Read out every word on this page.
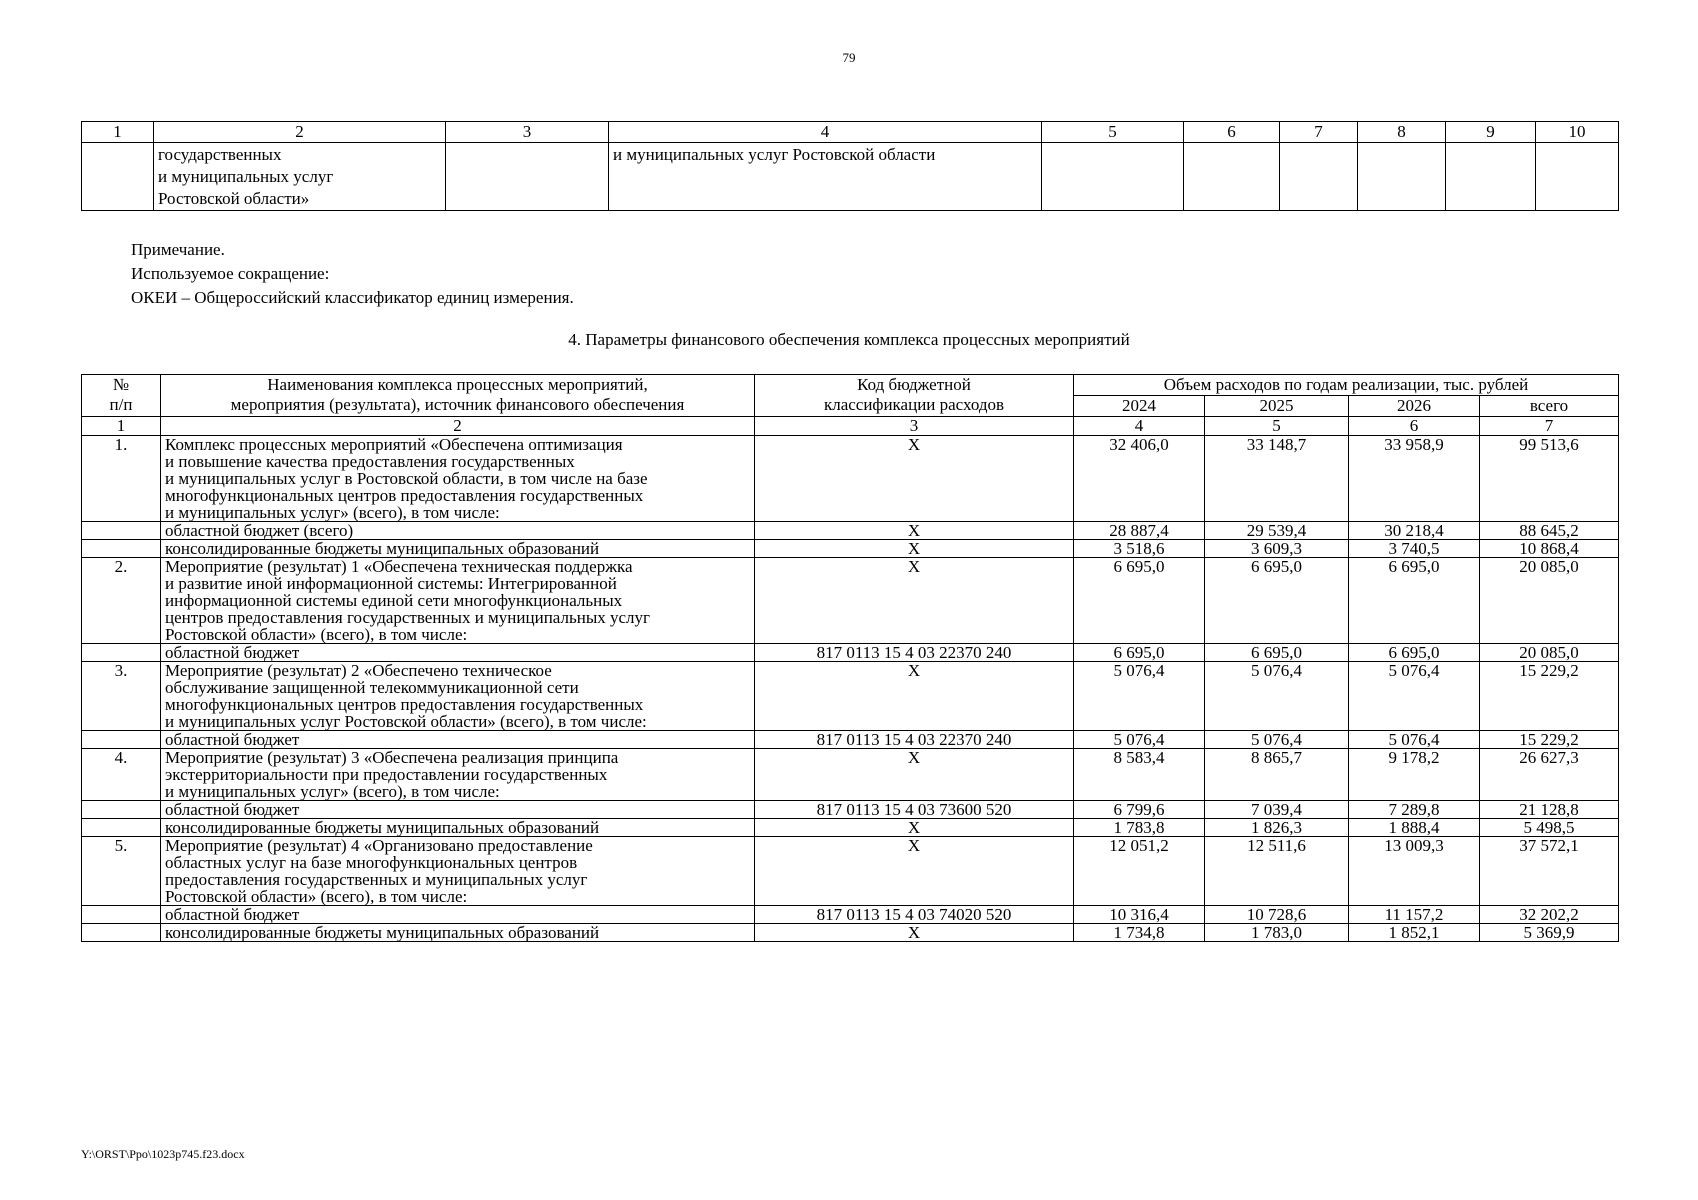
79
1	2	3	4	5	6	7	8	9	10
	государственных
и муниципальных услуг
Ростовской области»		и муниципальных услуг Ростовской области						
Примечание.
Используемое сокращение:
ОКЕИ – Общероссийский классификатор единиц измерения.
4. Параметры финансового обеспечения комплекса процессных мероприятий
№
п/п	Наименования комплекса процессных мероприятий,
мероприятия (результата), источник финансового обеспечения	Код бюджетной
классификации расходов	Объем расходов по годам реализации, тыс. рублей			
			2024	2025	2026	всего
1	2	3	4	5	6	7
1.	Комплекс процессных мероприятий «Обеспечена оптимизация
и повышение качества предоставления государственных
и муниципальных услуг в Ростовской области, в том числе на базе
многофункциональных центров предоставления государственных
и муниципальных услуг» (всего), в том числе:	Х	32 406,0	33 148,7	33 958,9	99 513,6
	областной бюджет (всего)	Х	28 887,4	29 539,4	30 218,4	88 645,2
	консолидированные бюджеты муниципальных образований	Х	3 518,6	3 609,3	3 740,5	10 868,4
2.	Мероприятие (результат) 1 «Обеспечена техническая поддержка
и развитие иной информационной системы: Интегрированной
информационной системы единой сети многофункциональных
центров предоставления государственных и муниципальных услуг
Ростовской области» (всего), в том числе:	Х	6 695,0	6 695,0	6 695,0	20 085,0
	областной бюджет	817 0113 15 4 03 22370 240	6 695,0	6 695,0	6 695,0	20 085,0
3.	Мероприятие (результат) 2 «Обеспечено техническое
обслуживание защищенной телекоммуникационной сети
многофункциональных центров предоставления государственных
и муниципальных услуг Ростовской области» (всего), в том числе:	Х	5 076,4	5 076,4	5 076,4	15 229,2
	областной бюджет	817 0113 15 4 03 22370 240	5 076,4	5 076,4	5 076,4	15 229,2
4.	Мероприятие (результат) 3 «Обеспечена реализация принципа
экстерриториальности при предоставлении государственных
и муниципальных услуг» (всего), в том числе:	Х	8 583,4	8 865,7	9 178,2	26 627,3
	областной бюджет	817 0113 15 4 03 73600 520	6 799,6	7 039,4	7 289,8	21 128,8
	консолидированные бюджеты муниципальных образований	Х	1 783,8	1 826,3	1 888,4	5 498,5
5.	Мероприятие (результат) 4 «Организовано предоставление
областных услуг на базе многофункциональных центров
предоставления государственных и муниципальных услуг
Ростовской области» (всего), в том числе:	Х	12 051,2	12 511,6	13 009,3	37 572,1
	областной бюджет	817 0113 15 4 03 74020 520	10 316,4	10 728,6	11 157,2	32 202,2
	консолидированные бюджеты муниципальных образований	Х	1 734,8	1 783,0	1 852,1	5 369,9
Y:\ORST\Ppo\1023p745.f23.docx
